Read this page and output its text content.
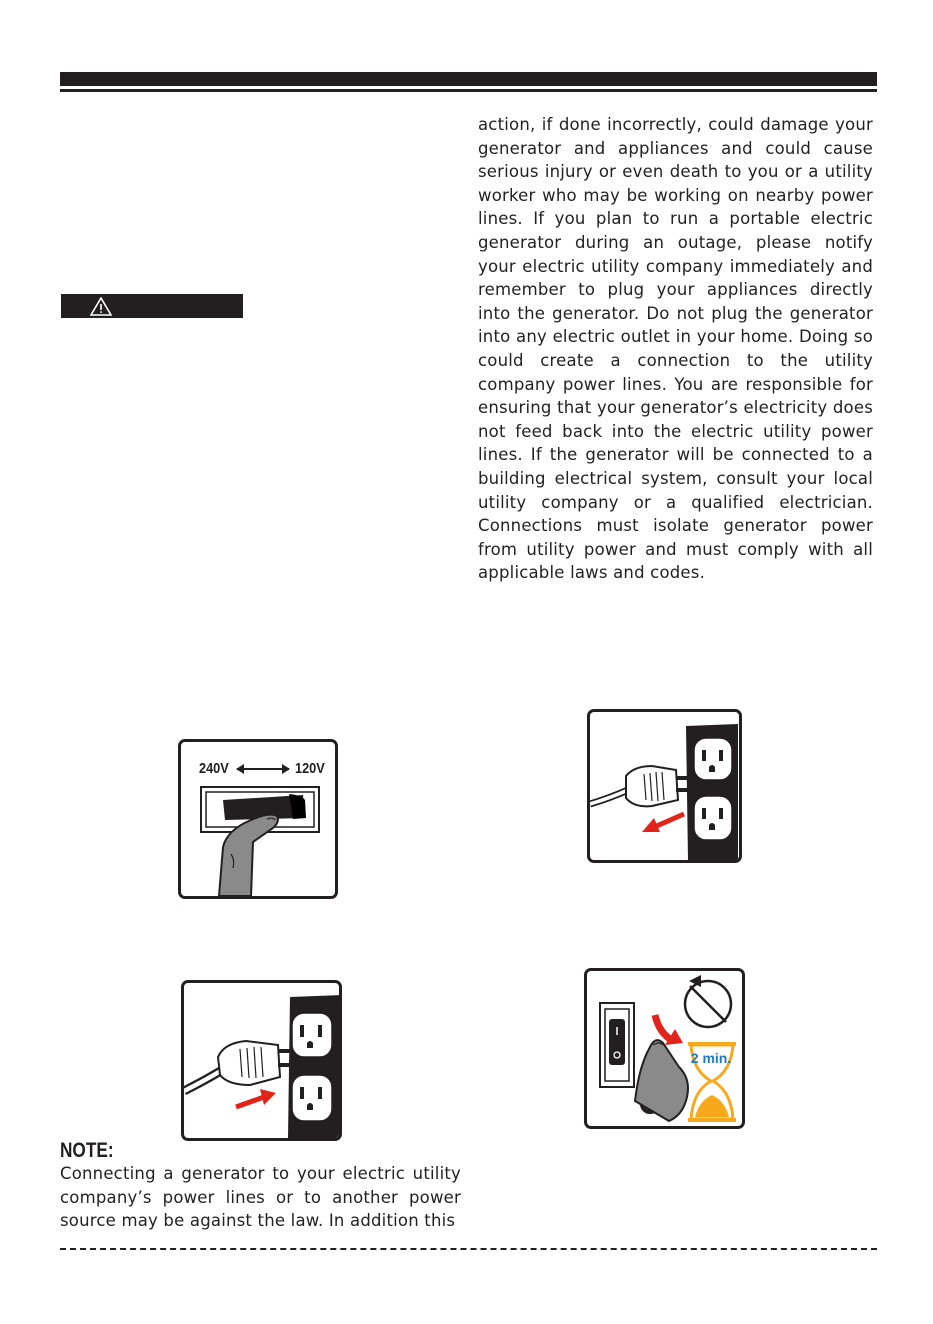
action, if done incorrectly, could damage your generator and appliances and could cause serious injury or even death to you or a utility worker who may be working on nearby power lines. If you plan to run a portable electric generator during an outage, please notify your electric utility company immediately and remember to plug your appliances directly into the generator. Do not plug the generator into any electric outlet in your home. Doing so could create a connection to the utility company power lines. You are responsible for ensuring that your generator’s electricity does not feed back into the electric utility power lines. If the generator will be connected to a building electrical system, consult your local utility company or a qualified electrician. Connections must isolate generator power from utility power and must comply with all applicable laws and codes.
240V	120V
2 min.
NOTE:
Connecting a generator to your electric utility company’s power lines or to another power source may be against the law. In addition this
